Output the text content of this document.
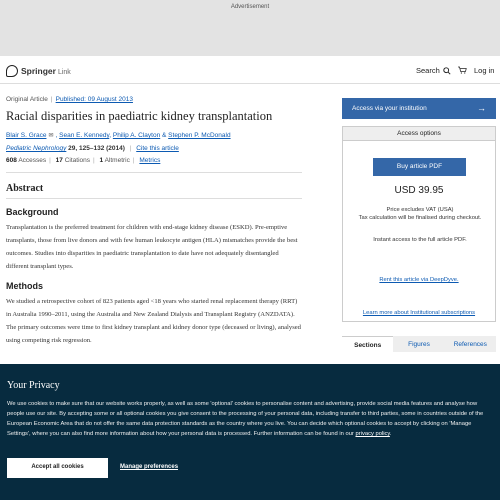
Advertisement
Springer Link	Search	Log in
Original Article | Published: 09 August 2013
Racial disparities in paediatric kidney transplantation
Blair S. Grace ✉ , Sean E. Kennedy, Philip A. Clayton & Stephen P. McDonald
Pediatric Nephrology 29, 125–132 (2014) | Cite this article
608 Accesses | 17 Citations | 1 Altmetric | Metrics
Abstract
Background

Transplantation is the preferred treatment for children with end-stage kidney disease (ESKD). Pre-emptive transplants, those from live donors and with few human leukocyte antigen (HLA) mismatches provide the best outcomes. Studies into disparities in paediatric transplantation to date have not adequately disentangled different transplant types.

Methods

We studied a retrospective cohort of 823 patients aged <18 years who started renal replacement therapy (RRT) in Australia 1990–2011, using the Australia and New Zealand Dialysis and Transplant Registry (ANZDATA). The primary outcomes were time to first kidney transplant and kidney donor type (deceased or living), analysed using competing risk regression.

Access via your institution	→
Access options
Buy article PDF
USD 39.95
Price excludes VAT (USA)
Tax calculation will be finalised during checkout.
Instant access to the full article PDF.
Rent this article via DeepDyve.
Learn more about Institutional subscriptions
Sections	Figures	References
Your Privacy

We use cookies to make sure that our website works properly, as well as some 'optional' cookies to personalise content and advertising, provide social media features and analyse how people use our site. By accepting some or all optional cookies you give consent to the processing of your personal data, including transfer to third parties, some in countries outside of the European Economic Area that do not offer the same data protection standards as the country where you live. You can decide which optional cookies to accept by clicking on 'Manage Settings', where you can also find more information about how your personal data is processed. Further information can be found in our privacy policy.

Accept all cookies	Manage preferences
